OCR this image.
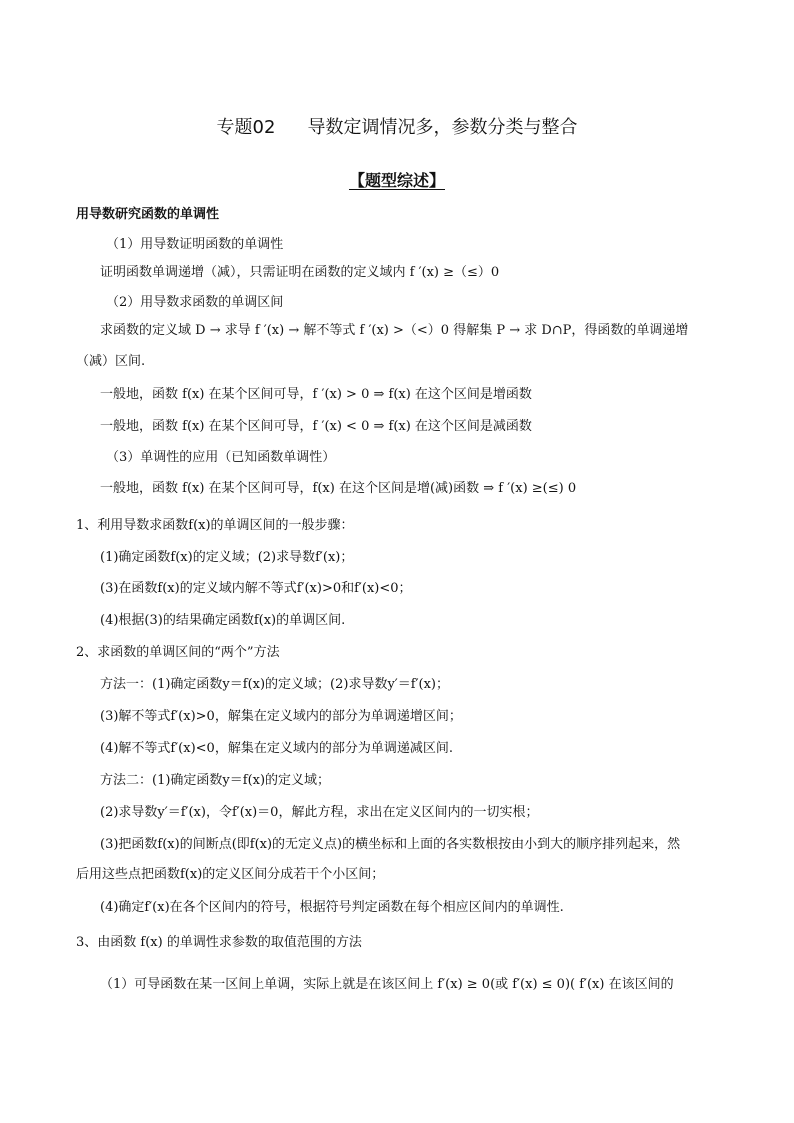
专题02 导数定调情况多，参数分类与整合
【题型综述】
用导数研究函数的单调性
（1）用导数证明函数的单调性
证明函数单调递增（减），只需证明在函数的定义域内 f ′(x) ≥（≤）0
（2）用导数求函数的单调区间
求函数的定义域 D → 求导 f ′(x) → 解不等式 f ′(x) >（<）0 得解集 P → 求 D∩P，得函数的单调递增
（减）区间.
一般地，函数 f(x) 在某个区间可导，f ′(x) > 0 ⇒ f(x) 在这个区间是增函数
一般地，函数 f(x) 在某个区间可导，f ′(x) < 0 ⇒ f(x) 在这个区间是减函数
（3）单调性的应用（已知函数单调性）
一般地，函数 f(x) 在某个区间可导，f(x) 在这个区间是增(减)函数 ⇒ f ′(x) ≥(≤) 0
1、利用导数求函数f(x)的单调区间的一般步骤：
(1)确定函数f(x)的定义域；(2)求导数f′(x)；
(3)在函数f(x)的定义域内解不等式f′(x)>0和f′(x)<0；
(4)根据(3)的结果确定函数f(x)的单调区间.
2、求函数的单调区间的“两个”方法
方法一：(1)确定函数y＝f(x)的定义域；(2)求导数y′＝f′(x)；
(3)解不等式f′(x)>0，解集在定义域内的部分为单调递增区间；
(4)解不等式f′(x)<0，解集在定义域内的部分为单调递减区间.
方法二：(1)确定函数y＝f(x)的定义域；
(2)求导数y′＝f′(x)，令f′(x)＝0，解此方程，求出在定义区间内的一切实根；
(3)把函数f(x)的间断点(即f(x)的无定义点)的横坐标和上面的各实数根按由小到大的顺序排列起来，然
后用这些点把函数f(x)的定义区间分成若干个小区间；
(4)确定f′(x)在各个区间内的符号，根据符号判定函数在每个相应区间内的单调性.
3、由函数 f(x) 的单调性求参数的取值范围的方法
（1）可导函数在某一区间上单调，实际上就是在该区间上 f′(x) ≥ 0(或 f′(x) ≤ 0)( f′(x) 在该区间的
